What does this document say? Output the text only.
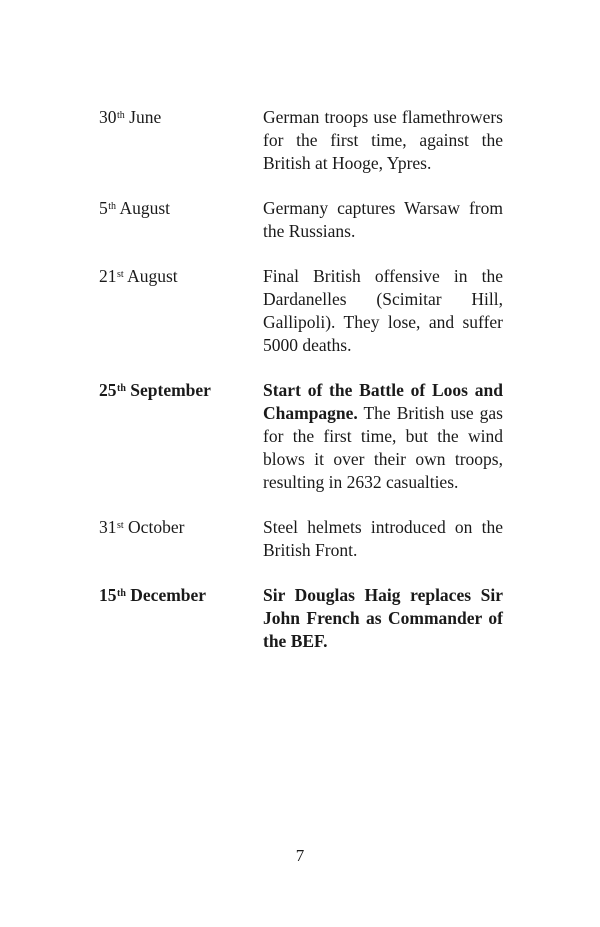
30th June	German troops use flamethrowers for the first time, against the British at Hooge, Ypres.
5th August	Germany captures Warsaw from the Russians.
21st August	Final British offensive in the Dardanelles (Scimitar Hill, Gallipoli). They lose, and suffer 5000 deaths.
25th September	Start of the Battle of Loos and Champagne. The British use gas for the first time, but the wind blows it over their own troops, resulting in 2632 casualties.
31st October	Steel helmets introduced on the British Front.
15th December	Sir Douglas Haig replaces Sir John French as Commander of the BEF.
7
